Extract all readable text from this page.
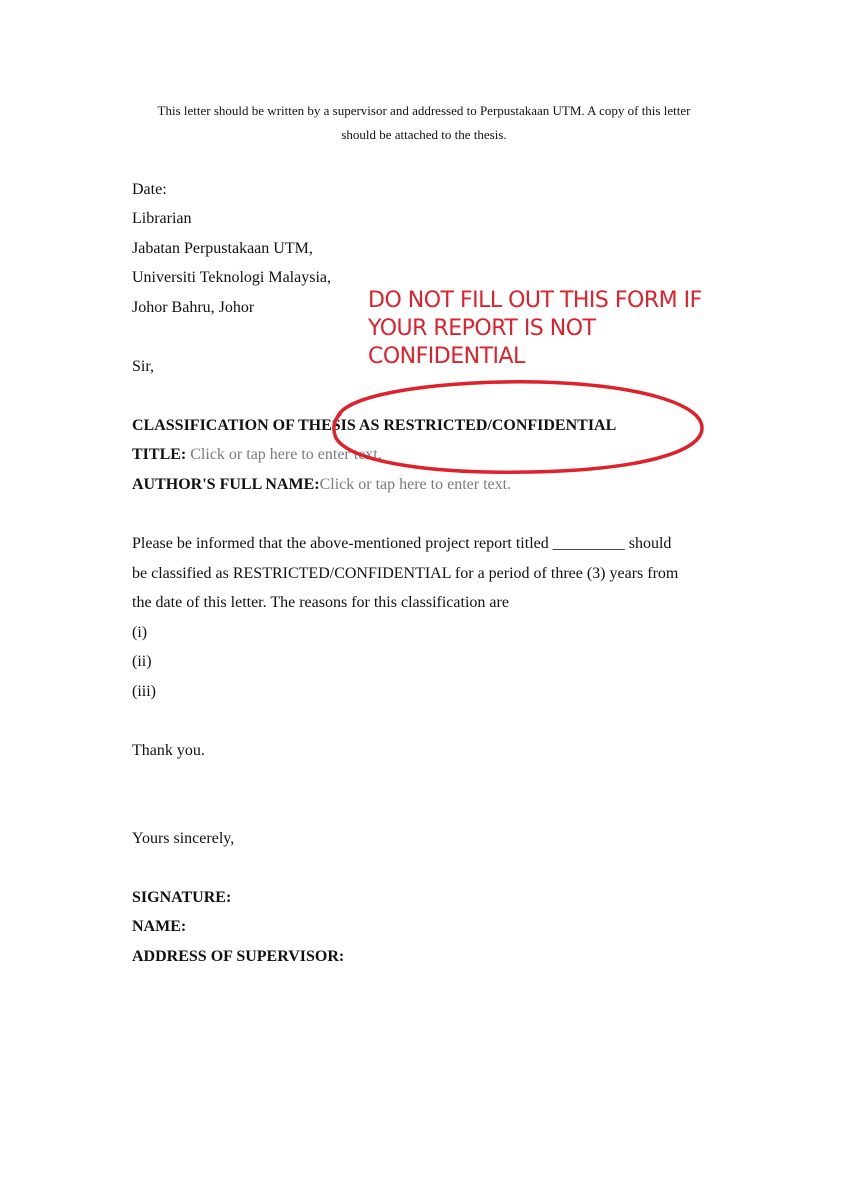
This letter should be written by a supervisor and addressed to Perpustakaan UTM. A copy of this letter
should be attached to the thesis.
Date:
Librarian
Jabatan Perpustakaan UTM,
Universiti Teknologi Malaysia,
Johor Bahru, Johor	DO NOT FILL OUT THIS FORM IF
YOUR REPORT IS NOT
CONFIDENTIAL
Sir,
CLASSIFICATION OF THESIS AS RESTRICTED/CONFIDENTIAL
TITLE: Click or tap here to enter text.
AUTHOR'S FULL NAME:Click or tap here to enter text.
Please be informed that the above-mentioned project report titled _________ should
be classified as RESTRICTED/CONFIDENTIAL for a period of three (3) years from
the date of this letter. The reasons for this classification are
(i)
(ii)
(iii)
Thank you.
Yours sincerely,
SIGNATURE:
NAME:
ADDRESS OF SUPERVISOR:
